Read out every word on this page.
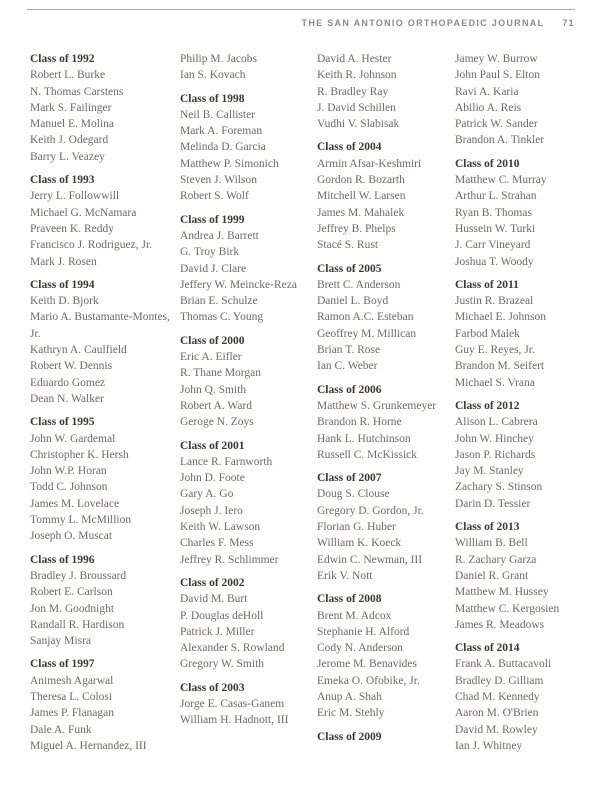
THE SAN ANTONIO ORTHOPAEDIC JOURNAL 71
Class of 1992
Robert L. Burke
N. Thomas Carstens
Mark S. Failinger
Manuel E. Molina
Keith J. Odegard
Barry L. Veazey
Class of 1993
Jerry L. Followwill
Michael G. McNamara
Praveen K. Reddy
Francisco J. Rodriguez, Jr.
Mark J. Rosen
Class of 1994
Keith D. Bjork
Mario A. Bustamante-Montes, Jr.
Kathryn A. Caulfield
Robert W. Dennis
Eduardo Gomez
Dean N. Walker
Class of 1995
John W. Gardemal
Christopher K. Hersh
John W.P. Horan
Todd C. Johnson
James M. Lovelace
Tommy L. McMillion
Joseph O. Muscat
Class of 1996
Bradley J. Broussard
Robert E. Carlson
Jon M. Goodnight
Randall R. Hardison
Sanjay Misra
Class of 1997
Animesh Agarwal
Theresa L. Colosi
James P. Flanagan
Dale A. Funk
Miguel A. Hernandez, III
Philip M. Jacobs
Ian S. Kovach
Class of 1998
Neil B. Callister
Mark A. Foreman
Melinda D. Garcia
Matthew P. Simonich
Steven J. Wilson
Robert S. Wolf
Class of 1999
Andrea J. Barrett
G. Troy Birk
David J. Clare
Jeffery W. Meincke-Reza
Brian E. Schulze
Thomas C. Young
Class of 2000
Eric A. Eifler
R. Thane Morgan
John Q. Smith
Robert A. Ward
Geroge N. Zoys
Class of 2001
Lance R. Farnworth
John D. Foote
Gary A. Go
Joseph J. Iero
Keith W. Lawson
Charles F. Mess
Jeffrey R. Schlimmer
Class of 2002
David M. Burt
P. Douglas deHoll
Patrick J. Miller
Alexander S. Rowland
Gregory W. Smith
Class of 2003
Jorge E. Casas-Ganem
William H. Hadnott, III
David A. Hester
Keith R. Johnson
R. Bradley Ray
J. David Schillen
Vudhi V. Slabisak
Class of 2004
Armin Afsar-Keshmiri
Gordon R. Bozarth
Mitchell W. Larsen
James M. Mahalek
Jeffrey B. Phelps
Stacé S. Rust
Class of 2005
Brett C. Anderson
Daniel L. Boyd
Ramon A.C. Esteban
Geoffrey M. Millican
Brian T. Rose
Ian C. Weber
Class of 2006
Matthew S. Grunkemeyer
Brandon R. Horne
Hank L. Hutchinson
Russell C. McKissick
Class of 2007
Doug S. Clouse
Gregory D. Gordon, Jr.
Florian G. Huber
William K. Koeck
Edwin C. Newman, III
Erik V. Nott
Class of 2008
Brent M. Adcox
Stephanie H. Alford
Cody N. Anderson
Jerome M. Benavides
Emeka O. Ofobike, Jr.
Anup A. Shah
Eric M. Stehly
Class of 2009
Jamey W. Burrow
John Paul S. Elton
Ravi A. Karia
Abilio A. Reis
Patrick W. Sander
Brandon A. Tinkler
Class of 2010
Matthew C. Murray
Arthur L. Strahan
Ryan B. Thomas
Hussein W. Turki
J. Carr Vineyard
Joshua T. Woody
Class of 2011
Justin R. Brazeal
Michael E. Johnson
Farbod Malek
Guy E. Reyes, Jr.
Brandon M. Seifert
Michael S. Vrana
Class of 2012
Alison L. Cabrera
John W. Hinchey
Jason P. Richards
Jay M. Stanley
Zachary S. Stinson
Darin D. Tessier
Class of 2013
William B. Bell
R. Zachary Garza
Daniel R. Grant
Matthew M. Hussey
Matthew C. Kergosien
James R. Meadows
Class of 2014
Frank A. Buttacavoli
Bradley D. Gilliam
Chad M. Kennedy
Aaron M. O'Brien
David M. Rowley
Ian J. Whitney
